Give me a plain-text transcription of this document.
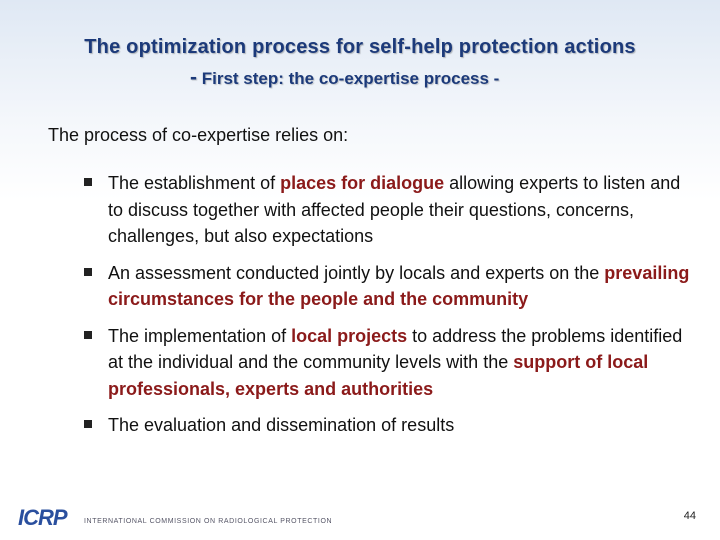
The optimization process for self-help protection actions
- First step: the co-expertise process -
The process of co-expertise relies on:
The establishment of places for dialogue allowing experts to listen and to discuss together with affected people their questions, concerns, challenges, but also expectations
An assessment conducted jointly by locals and experts on the prevailing circumstances for the people and the community
The implementation of local projects to address the problems identified at the individual and the community levels with the support of local professionals, experts and authorities
The evaluation and dissemination of results
ICRP INTERNATIONAL COMMISSION ON RADIOLOGICAL PROTECTION	44
